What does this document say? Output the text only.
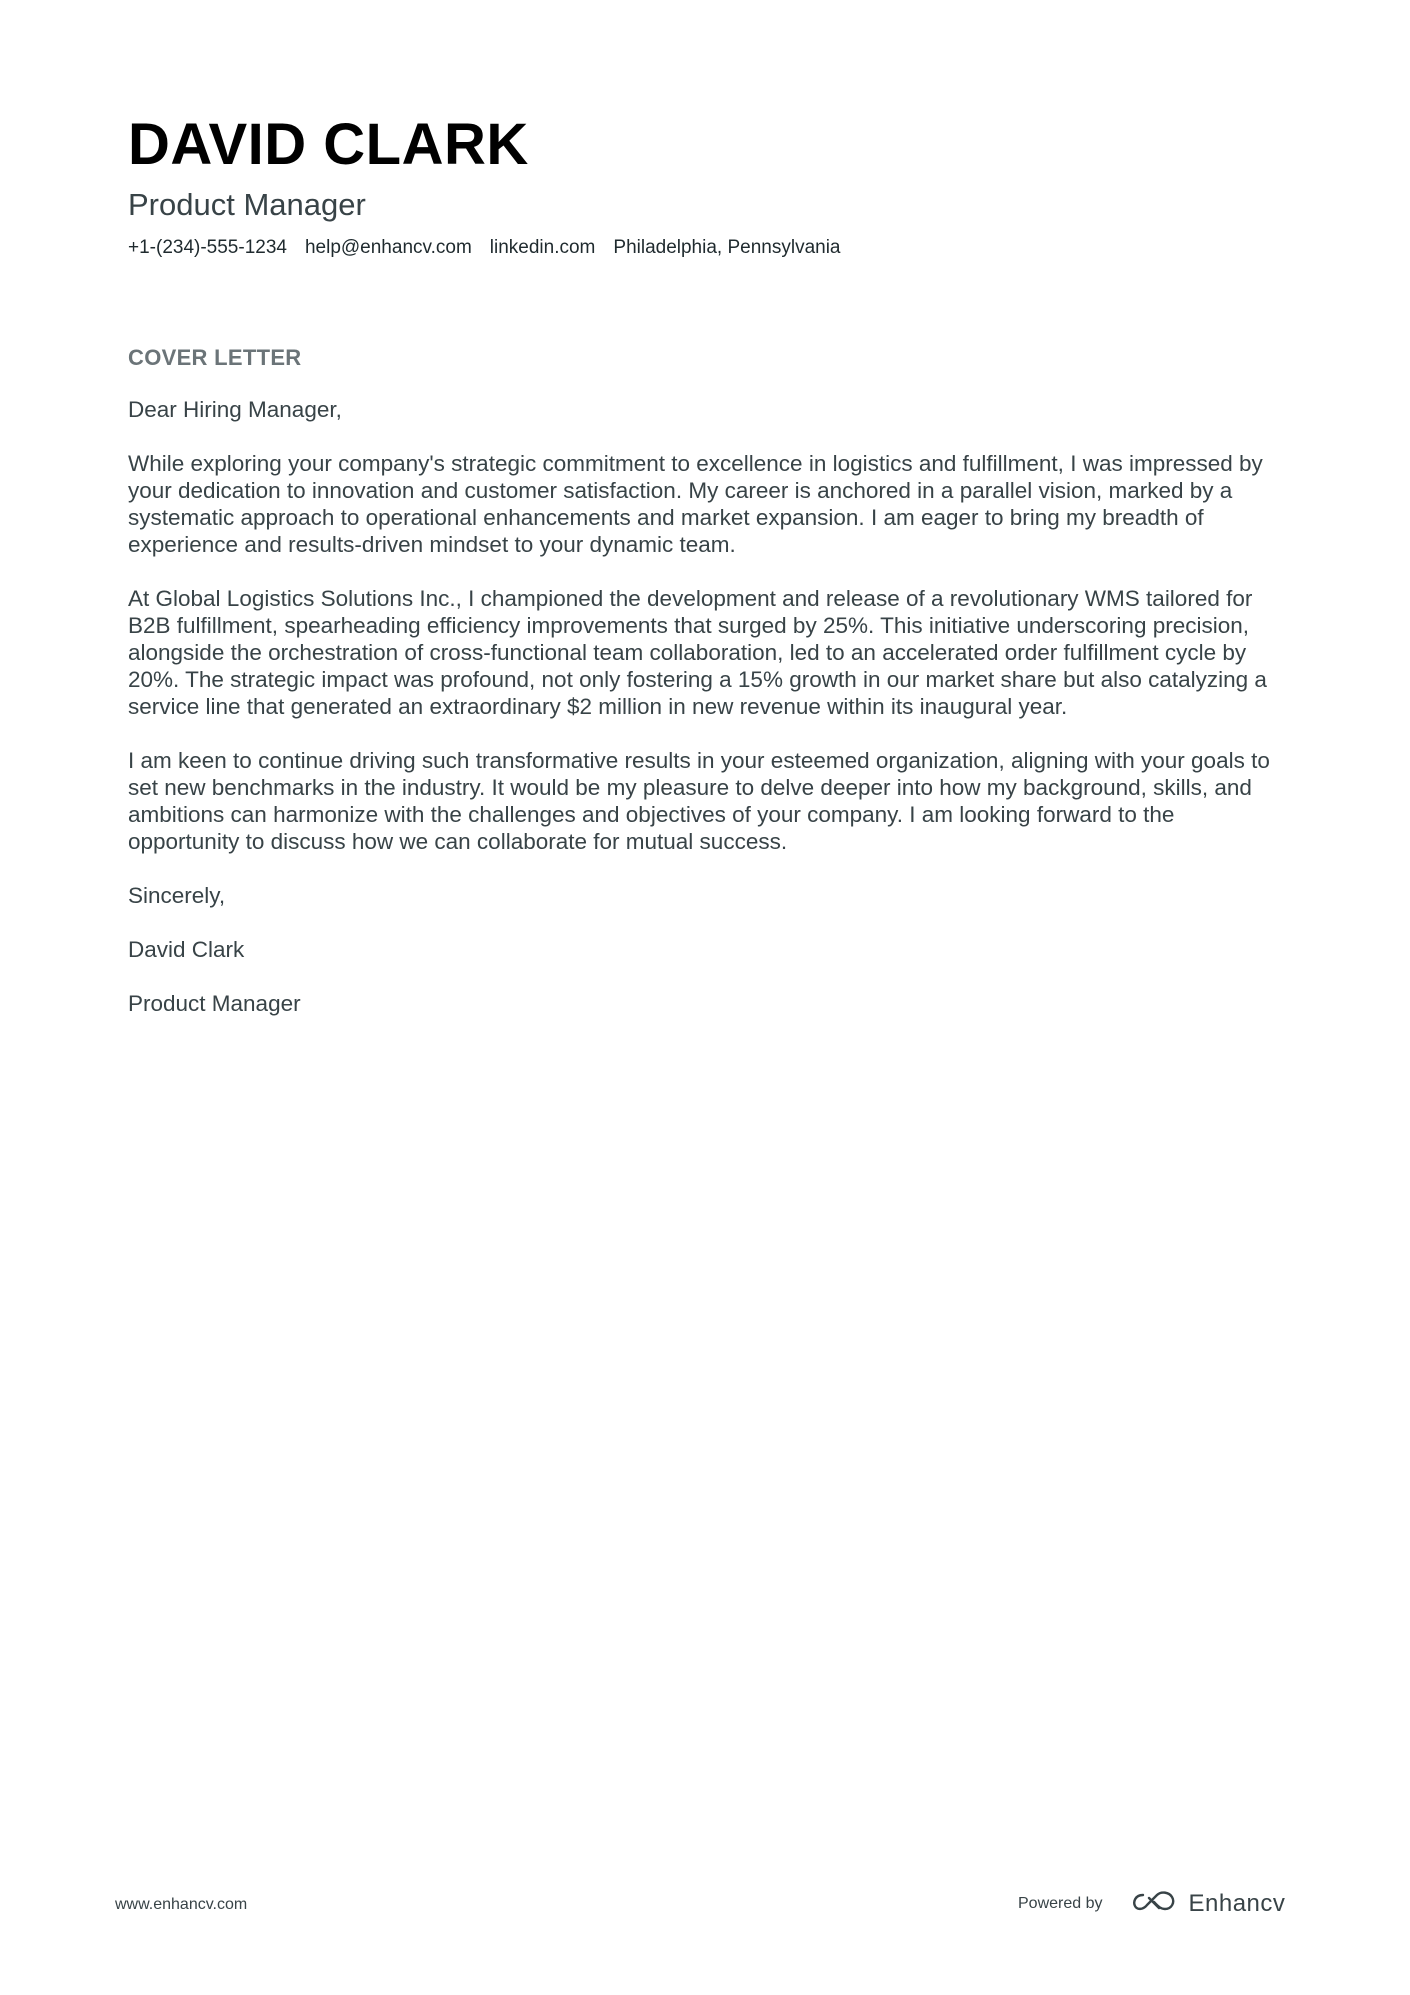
DAVID CLARK
Product Manager
+1-(234)-555-1234 help@enhancv.com linkedin.com Philadelphia, Pennsylvania
COVER LETTER

Dear Hiring Manager,

While exploring your company's strategic commitment to excellence in logistics and fulfillment, I was impressed by your dedication to innovation and customer satisfaction. My career is anchored in a parallel vision, marked by a systematic approach to operational enhancements and market expansion. I am eager to bring my breadth of experience and results-driven mindset to your dynamic team.

At Global Logistics Solutions Inc., I championed the development and release of a revolutionary WMS tailored for B2B fulfillment, spearheading efficiency improvements that surged by 25%. This initiative underscoring precision, alongside the orchestration of cross-functional team collaboration, led to an accelerated order fulfillment cycle by 20%. The strategic impact was profound, not only fostering a 15% growth in our market share but also catalyzing a service line that generated an extraordinary $2 million in new revenue within its inaugural year.

I am keen to continue driving such transformative results in your esteemed organization, aligning with your goals to set new benchmarks in the industry. It would be my pleasure to delve deeper into how my background, skills, and ambitions can harmonize with the challenges and objectives of your company. I am looking forward to the opportunity to discuss how we can collaborate for mutual success.

Sincerely,

David Clark

Product Manager

www.enhancv.com	Powered by	Enhancv
